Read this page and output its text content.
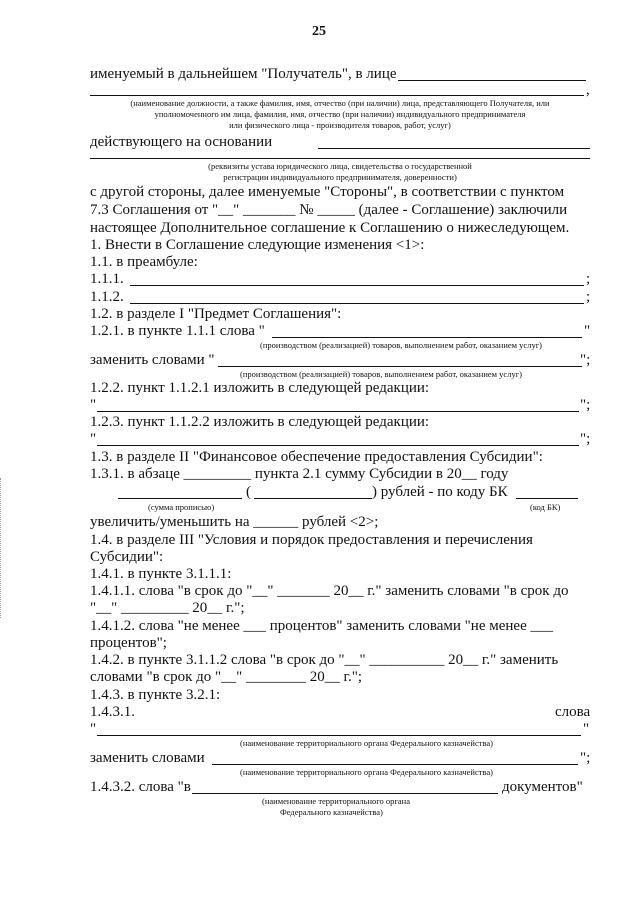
25
именуемый в дальнейшем "Получатель", в лице
,
(наименование должности, а также фамилия, имя, отчество (при наличии) лица, представляющего Получателя, или
уполномоченного им лица, фамилия, имя, отчество (при наличии) индивидуального предпринимателя
или физического лица - производителя товаров, работ, услуг)
действующего на основании
(реквизиты устава юридического лица, свидетельства о государственной
регистрации индивидуального предпринимателя, доверенности)
с другой стороны, далее именуемые "Стороны", в соответствии с пунктом
7.3 Соглашения от "__" _______ № _____ (далее - Соглашение) заключили
настоящее Дополнительное соглашение к Соглашению о нижеследующем.
1. Внести в Соглашение следующие изменения <1>:
1.1. в преамбуле:
1.1.1.	;
1.1.2.	;
1.2. в разделе I "Предмет Соглашения":
1.2.1. в пункте 1.1.1 слова "	"
(производством (реализацией) товаров, выполнением работ, оказанием услуг)
заменить словами "	";
(производством (реализацией) товаров, выполнением работ, оказанием услуг)
1.2.2. пункт 1.1.2.1 изложить в следующей редакции:
"	";
1.2.3. пункт 1.1.2.2 изложить в следующей редакции:
"	";
1.3. в разделе II "Финансовое обеспечение предоставления Субсидии":
1.3.1. в абзаце _________ пункта 2.1 сумму Субсидии в 20__ году
(	) рублей - по коду БК
(сумма прописью)	(код БК)
увеличить/уменьшить на ______ рублей <2>;
1.4. в разделе III "Условия и порядок предоставления и перечисления
Субсидии":
1.4.1. в пункте 3.1.1.1:
1.4.1.1. слова "в срок до "__" _______ 20__ г." заменить словами "в срок до
"__" _________ 20__ г.";
1.4.1.2. слова "не менее ___ процентов" заменить словами "не менее ___
процентов";
1.4.2. в пункте 3.1.1.2 слова "в срок до "__" __________ 20__ г." заменить
словами "в срок до "__" ________ 20__ г.";
1.4.3. в пункте 3.2.1:
1.4.3.1.	слова
"	"
(наименование территориального органа Федерального казначейства)
заменить словами	";
(наименование территориального органа Федерального казначейства)
1.4.3.2. слова "в	документов"
(наименование территориального органа
Федерального казначейства)
